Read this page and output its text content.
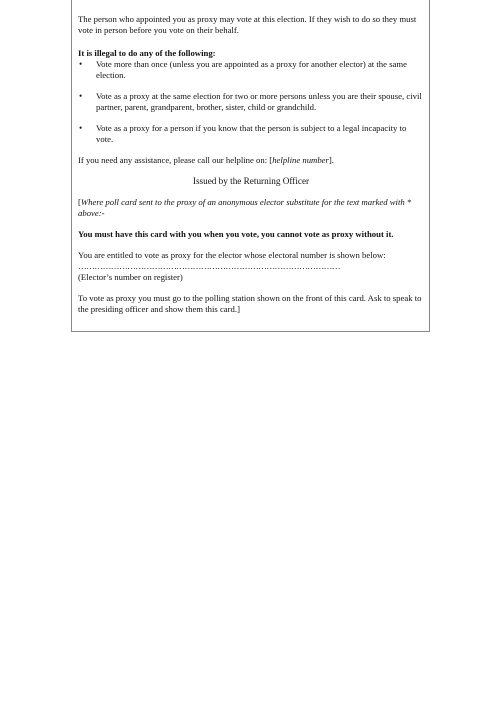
The person who appointed you as proxy may vote at this election. If they wish to do so they must vote in person before you vote on their behalf.

It is illegal to do any of the following:

• Vote more than once (unless you are appointed as a proxy for another elector) at the same election.
• Vote as a proxy at the same election for two or more persons unless you are their spouse, civil partner, parent, grandparent, brother, sister, child or grandchild.
• Vote as a proxy for a person if you know that the person is subject to a legal incapacity to vote.

If you need any assistance, please call our helpline on: [helpline number].

Issued by the Returning Officer

[Where poll card sent to the proxy of an anonymous elector substitute for the text marked with * above:-

You must have this card with you when you vote, you cannot vote as proxy without it.

You are entitled to vote as proxy for the elector whose electoral number is shown below:

……………………………………………………………………………………

(Elector’s number on register)

To vote as proxy you must go to the polling station shown on the front of this card. Ask to speak to the presiding officer and show them this card.]
